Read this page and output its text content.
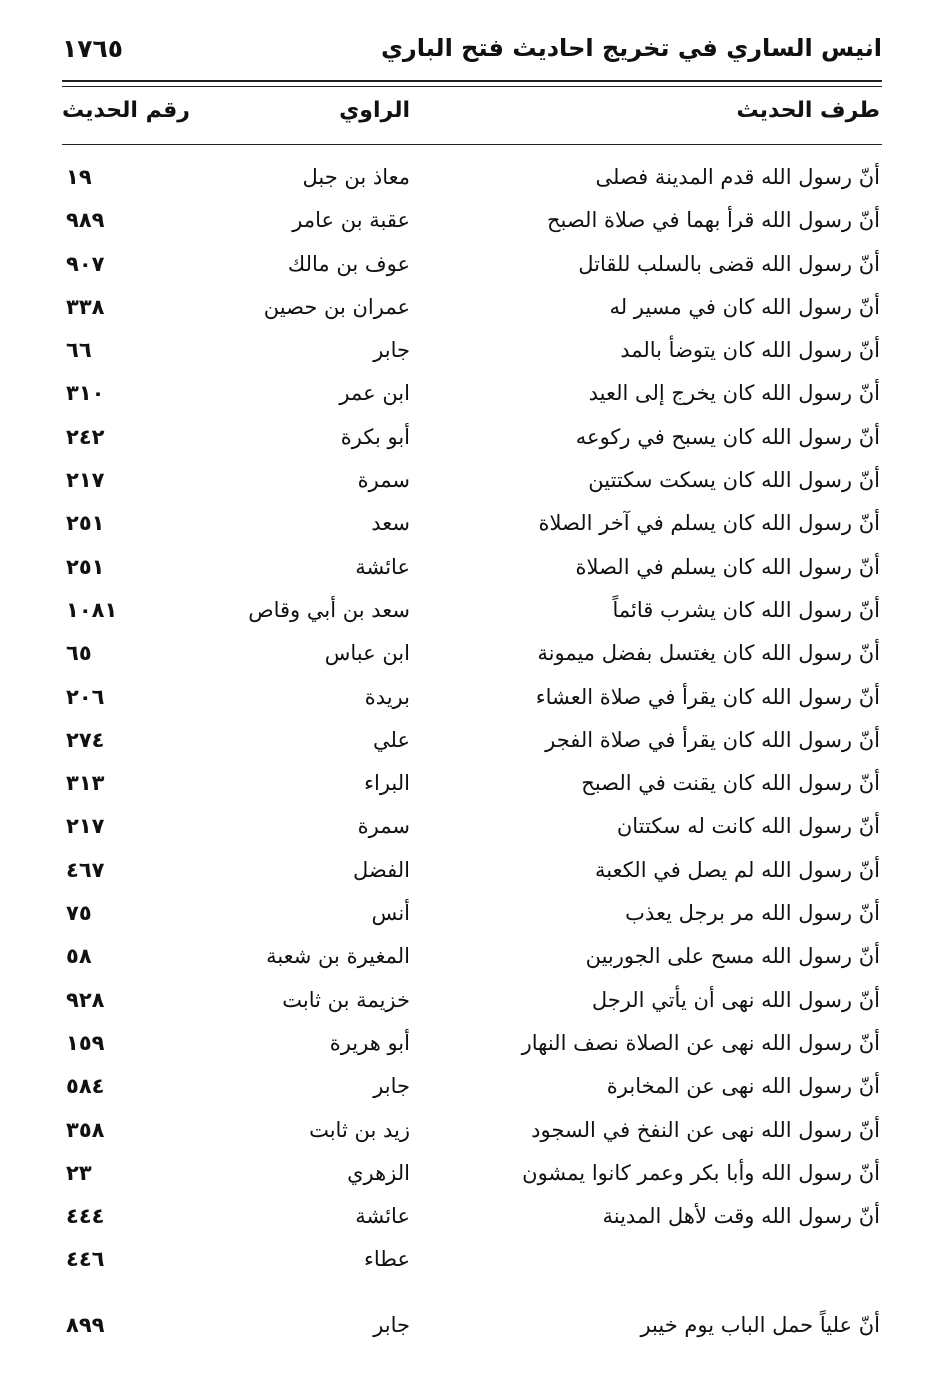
١٧٦٥	انيس الساري في تخريج احاديث فتح الباري
طرف الحديث
الراوي
رقم الحديث
أنّ رسول الله قدم المدينة فصلى
معاذ بن جبل
١٩
أنّ رسول الله قرأ بهما في صلاة الصبح
عقبة بن عامر
٩٨٩
أنّ رسول الله قضى بالسلب للقاتل
عوف بن مالك
٩٠٧
أنّ رسول الله كان في مسير له
عمران بن حصين
٣٣٨
أنّ رسول الله كان يتوضأ بالمد
جابر
٦٦
أنّ رسول الله كان يخرج إلى العيد
ابن عمر
٣١٠
أنّ رسول الله كان يسبح في ركوعه
أبو بكرة
٢٤٢
أنّ رسول الله كان يسكت سكتتين
سمرة
٢١٧
أنّ رسول الله كان يسلم في آخر الصلاة
سعد
٢٥١
أنّ رسول الله كان يسلم في الصلاة
عائشة
٢٥١
أنّ رسول الله كان يشرب قائماً
سعد بن أبي وقاص
١٠٨١
أنّ رسول الله كان يغتسل بفضل ميمونة
ابن عباس
٦٥
أنّ رسول الله كان يقرأ في صلاة العشاء
بريدة
٢٠٦
أنّ رسول الله كان يقرأ في صلاة الفجر
علي
٢٧٤
أنّ رسول الله كان يقنت في الصبح
البراء
٣١٣
أنّ رسول الله كانت له سكتتان
سمرة
٢١٧
أنّ رسول الله لم يصل في الكعبة
الفضل
٤٦٧
أنّ رسول الله مر برجل يعذب
أنس
٧٥
أنّ رسول الله مسح على الجوربين
المغيرة بن شعبة
٥٨
أنّ رسول الله نهى أن يأتي الرجل
خزيمة بن ثابت
٩٢٨
أنّ رسول الله نهى عن الصلاة نصف النهار
أبو هريرة
١٥٩
أنّ رسول الله نهى عن المخابرة
جابر
٥٨٤
أنّ رسول الله نهى عن النفخ في السجود
زيد بن ثابت
٣٥٨
أنّ رسول الله وأبا بكر وعمر كانوا يمشون
الزهري
٢٣
أنّ رسول الله وقت لأهل المدينة
عائشة
٤٤٤
عطاء
٤٤٦
أنّ علياً حمل الباب يوم خيبر
جابر
٨٩٩
